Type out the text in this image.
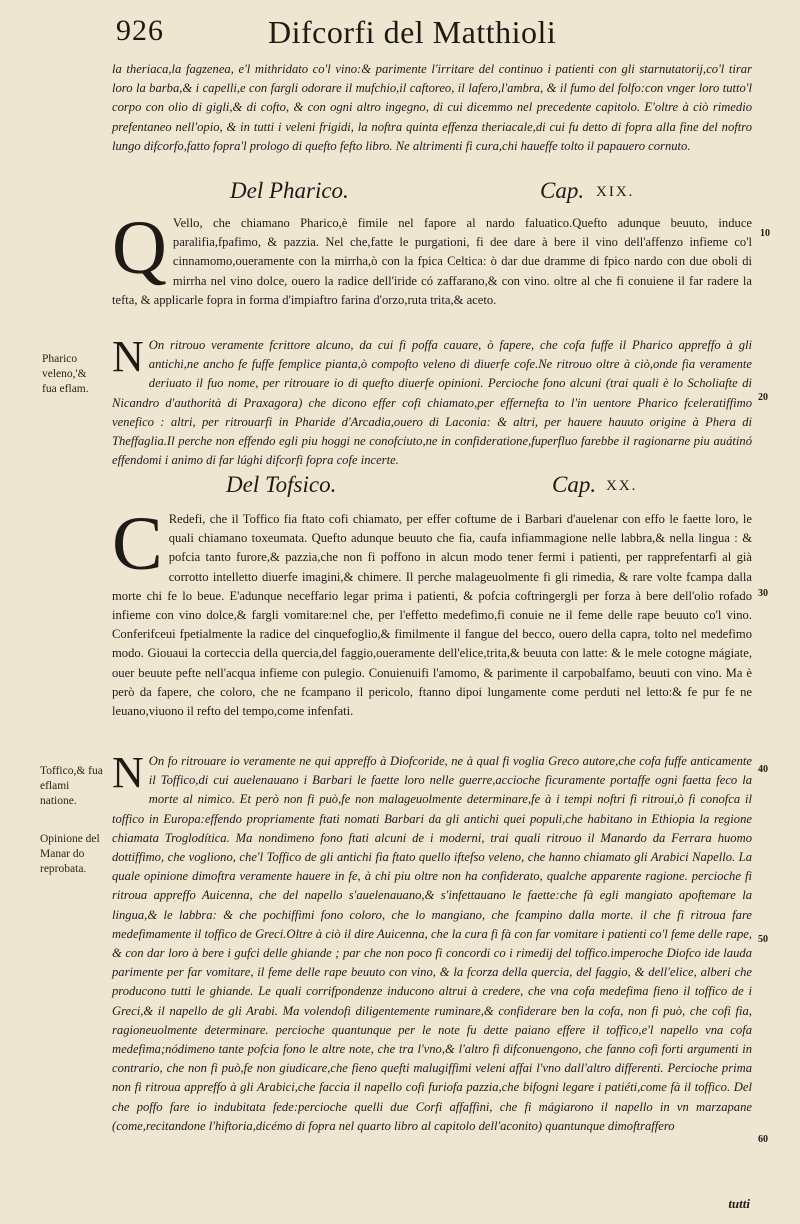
926	Difcorfi del Matthioli
la theriaca,la fagzenea, e'l mithridato co'l vino:& parimente l'irritare del continuo i patienti con gli starnutatorij,co'l tirar loro la barba,& i capelli,e con fargli odorare il mufchio,il caftoreo, il lafero,l'ambra, & il fumo del folfo:con vnger loro tutto'l corpo con olio di gigli,& di cofto, & con ogni altro ingegno, di cui dicemmo nel precedente capitolo. E'oltre à ciò rimedio prefentaneo nell'opio, & in tutti i veleni frigidi, la noftra quinta effenza theriacale,di cui fu detto di fopra alla fine del noftro lungo difcorfo,fatto fopra'l prologo di quefto fefto libro. Ne altrimenti fi cura,chi haueffe tolto il papauero cornuto.
Del Pharico.	Cap. XIX.
Q Vello, che chiamano Pharico,è fimile nel fapore al nardo faluatico.Quefto adunque beuuto, induce paralifia,fpafimo, & pazzia. Nel che,fatte le purgationi, fi dee dare à bere il vino dell'affenzo infieme co'l cinnamomo,oueramente con la mirrha,ò con la fpica Celtica: ò dar due dramme di fpico nardo con due oboli di mirrha nel vino dolce, ouero la radice dell'iride có zaffarano,& con vino. oltre al che fi conuiene il far radere la tefta, & applicarle fopra in forma d'impiaftro farina d'orzo,ruta trita,& aceto.
N On ritrouo veramente fcrittore alcuno, da cui fi poffa cauare, ò fapere, che cofa fuffe il Pharico appreffo à gli antichi,ne ancho fe fuffe femplice pianta,ò compofto veleno di diuerfe cofe.Ne ritrouo oltre à ciò,onde fia veramente deriuato il fuo nome, per ritrouare io di quefto diuerfe opinioni. Percioche fono alcuni (trai quali è lo Scholiafte di Nicandro d'authorità di Praxagora) che dicono effer cofi chiamato,per effernefta to l'in uentore Pharico fceleratiffimo venefico : altri, per ritrouarfi in Pharide d'Arcadia,ouero di Laconia: & altri, per hauere hauuto origine à Phera di Theffaglia.Il perche non effendo egli piu hoggi ne conofciuto,ne in confideratione,fuperfluo farebbe il ragionarne piu auátinó effendomi i animo di far lúghi difcorfi fopra cofe incerte.
Pharico veleno,'& fua eflam.
Del Tofsico.	Cap. XX.
C Redefi, che il Toffico fia ftato cofi chiamato, per effer coftume de i Barbari d'auelenar con effo le faette loro, le quali chiamano toxeumata. Quefto adunque beuuto che fia, caufa infiammagione nelle labbra,& nella lingua : & pofcia tanto furore,& pazzia,che non fi poffono in alcun modo tener fermi i patienti, per rapprefentarfi al già corrotto intelletto diuerfe imagini,& chimere. Il perche malageuolmente fi gli rimedia, & rare volte fcampa dalla morte chi fe lo beue. E'adunque neceffario legar prima i patienti, & pofcia coftringergli per forza à bere dell'olio rofado infieme con vino dolce,& fargli vomitare:nel che, per l'effetto medefimo,fi conuie ne il feme delle rape beuuto co'l vino. Conferifceui fpetialmente la radice del cinquefoglio,& fimilmente il fangue del becco, ouero della capra, tolto nel medefimo modo. Giouaui la corteccia della quercia,del faggio,oueramente dell'elice,trita,& beuuta con latte: & le mele cotogne mágiate, ouer beuute pefte nell'acqua infieme con pulegio. Conuienuifi l'amomo, & parimente il carpobalfamo, beuuti con vino. Ma è però da fapere, che coloro, che ne fcampano il pericolo, ftanno dipoi lungamente come perduti nel letto:& fe pur fe ne leuano,viuono il refto del tempo,come infenfati.
N On fo ritrouare io veramente ne qui appreffo à Diofcoride, ne à qual fi voglia Greco autore,che cofa fuffe anticamente il Toffico,di cui auelenauano i Barbari le faette loro nelle guerre,accioche ficuramente portaffe ogni faetta feco la morte al nimico. Et però non fi può,fe non malageuolmente determinare,fe à i tempi noftri fi ritroui,ò fi conofca il toffico in Europa:effendo propriamente ftati nomati Barbari da gli antichi quei populi,che habitano in Ethiopia la regione chiamata Troglodítica. Ma nondimeno fono ftati alcuni de i moderni, trai quali ritrouo il Manardo da Ferrara huomo dottiffimo, che vogliono, che'l Toffico de gli antichi fia ftato quello iftefso veleno, che hanno chiamato gli Arabici Napello. La quale opinione dimoftra veramente hauere in fe, à chi piu oltre non ha confiderato, qualche apparente ragione. percioche fi ritroua appreffo Auicenna, che del napello s'auelenauano,& s'infettauano le faette:che fà egli mangiato apoftemare la lingua,& le labbra: & che pochiffimi fono coloro, che lo mangiano, che fcampino dalla morte. il che fi ritroua fare medefimamente il toffico de Greci.Oltre à ciò il dire Auicenna, che la cura fi fà con far vomitare i patienti co'l feme delle rape, & con dar loro à bere i gufci delle ghiande ; par che non poco fi concordi co i rimedij del toffico.imperoche Diofco ide lauda parimente per far vomitare, il feme delle rape beuuto con vino, & la fcorza della quercia, del faggio, & dell'elice, alberi che producono tutti le ghiande. Le quali corrifpondenze inducono altrui à credere, che vna cofa medefima fieno il toffico de i Greci,& il napello de gli Arabi. Ma volendofi diligentemente ruminare,& confiderare ben la cofa, non fi può, che cofi fia, ragioneuolmente determinare. percioche quantunque per le note fu dette paiano effere il toffico,e'l napello vna cofa medefima;nódimeno tante pofcia fono le altre note, che tra l'vno,& l'altro fi difconuengono, che fanno cofi forti argumenti in contrario, che non fi può,fe non giudicare,che fieno quefti malugiffimi veleni affai l'vno dall'altro differenti. Percioche prima non fi ritroua appreffo à gli Arabici,che faccia il napello cofi furiofa pazzia,che bifogni legare i patiéti,come fà il toffico. Del che poffo fare io indubitata fede:percioche quelli due Corfi affaffini, che fi mágiarono il napello in vn marzapane (come,recitandone l'hiftoria,dicémo di fopra nel quarto libro al capitolo dell'aconito) quantunque dimoftraffero
Toffico,& fua eflami natione.
Opinione del Manar do reprobata.
10
20
30
40
50
60
tutti
